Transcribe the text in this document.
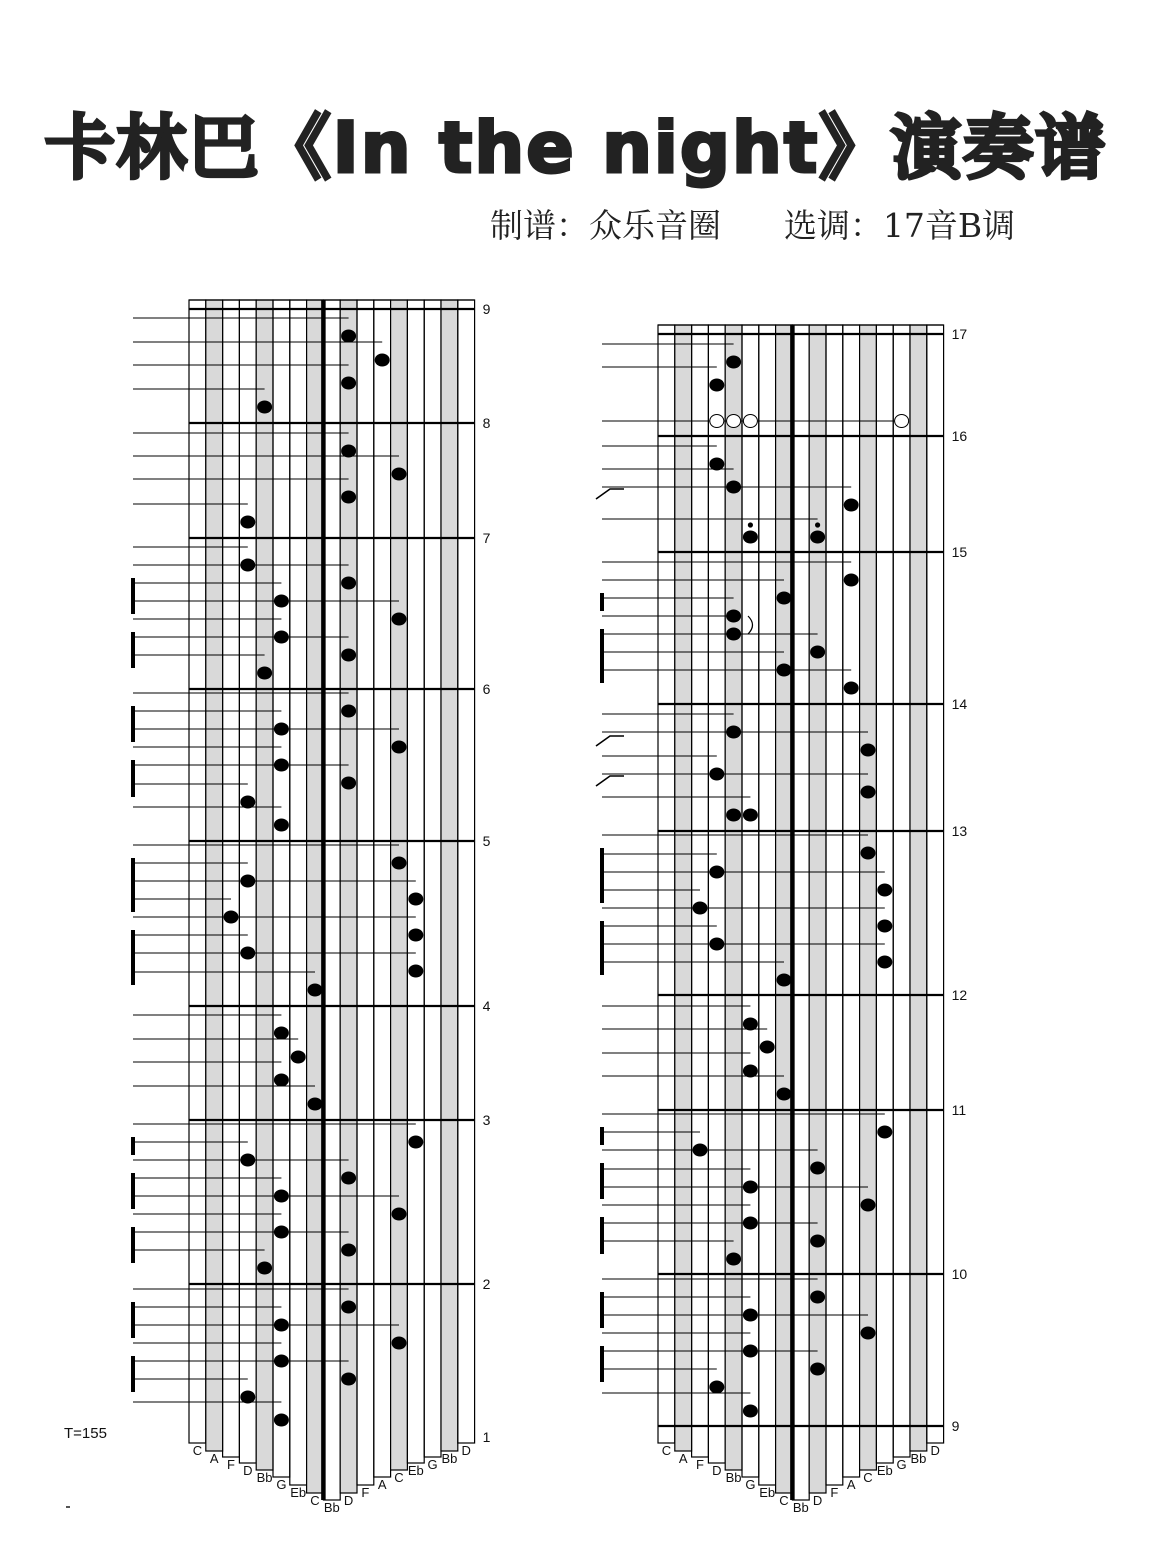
卡林巴《In the night》演奏谱
制谱：众乐音圈      选调：17音B调
C
A F D Bb G
Eb
C Bb D
F
A C Eb G Bb
D
9
8
7
6
5
4
3
2
1
C
A F D Bb G
Eb
C Bb D
F
A C Eb G Bb
D
17
16
15
14
13
12
11
10
9
T=155
